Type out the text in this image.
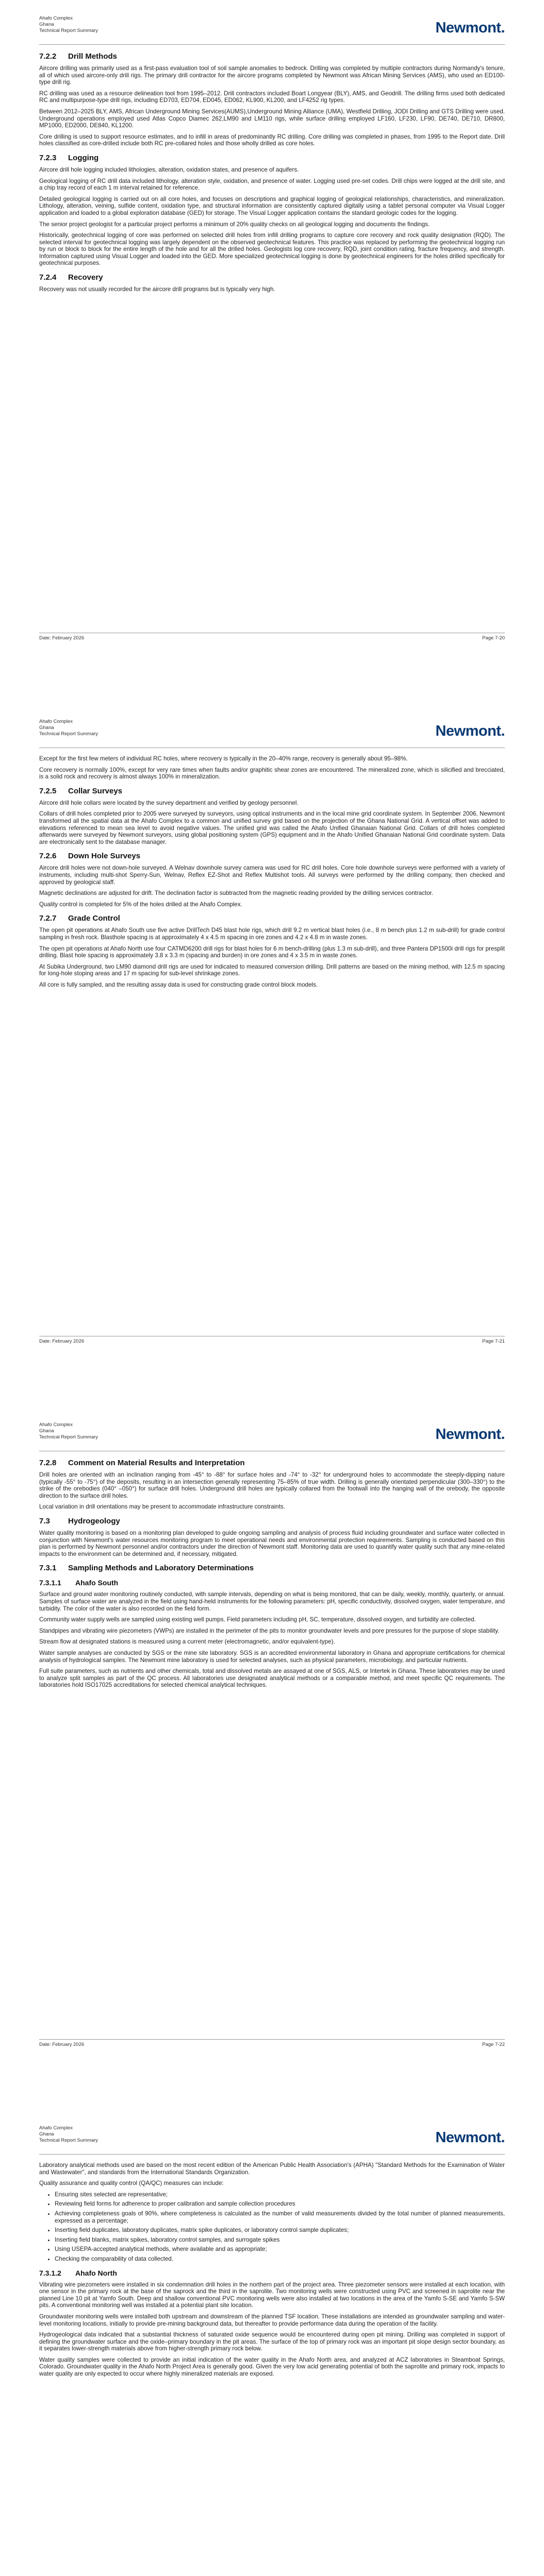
Ahafo Complex
Ghana
Technical Report Summary	Newmont.
7.2.2 Drill Methods

Aircore drilling was primarily used as a first-pass evaluation tool of soil sample anomalies to bedrock. Drilling was completed by multiple contractors during Normandy's tenure, all of which used aircore-only drill rigs. The primary drill contractor for the aircore programs completed by Newmont was African Mining Services (AMS), who used an ED100-type drill rig.

RC drilling was used as a resource delineation tool from 1995–2012. Drill contractors included Boart Longyear (BLY), AMS, and Geodrill. The drilling firms used both dedicated RC and multipurpose-type drill rigs, including ED703, ED704, ED045, ED062, KL900, KL200, and LF4252 rig types.

Between 2012–2025 BLY, AMS, African Underground Mining Services(AUMS),Underground Mining Alliance (UMA), Westfield Drilling, JODI Drilling and GTS Drilling were used. Underground operations employed used Atlas Copco Diamec 262,LM90 and LM110 rigs, while surface drilling employed LF160, LF230, LF90, DE740, DE710, DR800, MP1000, ED2000, DE840, KL1200.

Core drilling is used to support resource estimates, and to infill in areas of predominantly RC drilling. Core drilling was completed in phases, from 1995 to the Report date. Drill holes classified as core-drilled include both RC pre-collared holes and those wholly drilled as core holes.

7.2.3 Logging

Aircore drill hole logging included lithologies, alteration, oxidation states, and presence of aquifers.

Geological logging of RC drill data included lithology, alteration style, oxidation, and presence of water. Logging used pre-set codes. Drill chips were logged at the drill site, and a chip tray record of each 1 m interval retained for reference.

Detailed geological logging is carried out on all core holes, and focuses on descriptions and graphical logging of geological relationships, characteristics, and mineralization. Lithology, alteration, veining, sulfide content, oxidation type, and structural information are consistently captured digitally using a tablet personal computer via Visual Logger application and loaded to a global exploration database (GED) for storage. The Visual Logger application contains the standard geologic codes for the logging.

The senior project geologist for a particular project performs a minimum of 20% quality checks on all geological logging and documents the findings.

Historically, geotechnical logging of core was performed on selected drill holes from infill drilling programs to capture core recovery and rock quality designation (RQD). The selected interval for geotechnical logging was largely dependent on the observed geotechnical features. This practice was replaced by performing the geotechnical logging run by run or block to block for the entire length of the hole and for all the drilled holes. Geologists log core recovery, RQD, joint condition rating, fracture frequency, and strength. Information captured using Visual Logger and loaded into the GED. More specialized geotechnical logging is done by geotechnical engineers for the holes drilled specifically for geotechnical purposes.

7.2.4 Recovery

Recovery was not usually recorded for the aircore drill programs but is typically very high.

Date: February 2026	Page 7-20
Ahafo Complex
Ghana
Technical Report Summary	Newmont.

Except for the first few meters of individual RC holes, where recovery is typically in the 20–40% range, recovery is generally about 95–98%.

Core recovery is normally 100%, except for very rare times when faults and/or graphitic shear zones are encountered. The mineralized zone, which is silicified and brecciated, is a solid rock and recovery is almost always 100% in mineralization.

7.2.5 Collar Surveys

Aircore drill hole collars were located by the survey department and verified by geology personnel.

Collars of drill holes completed prior to 2005 were surveyed by surveyors, using optical instruments and in the local mine grid coordinate system. In September 2006, Newmont transformed all the spatial data at the Ahafo Complex to a common and unified survey grid based on the projection of the Ghana National Grid. A vertical offset was added to elevations referenced to mean sea level to avoid negative values. The unified grid was called the Ahafo Unified Ghanaian National Grid. Collars of drill holes completed afterwards were surveyed by Newmont surveyors, using global positioning system (GPS) equipment and in the Ahafo Unified Ghanaian National Grid coordinate system. Data are electronically sent to the database manager.

7.2.6 Down Hole Surveys

Aircore drill holes were not down-hole surveyed. A Welnav downhole survey camera was used for RC drill holes. Core hole downhole surveys were performed with a variety of instruments, including multi-shot Sperry-Sun, Welnav, Reflex EZ-Shot and Reflex Multishot tools. All surveys were performed by the drilling company, then checked and approved by geological staff.

Magnetic declinations are adjusted for drift. The declination factor is subtracted from the magnetic reading provided by the drilling services contractor.

Quality control is completed for 5% of the holes drilled at the Ahafo Complex.

7.2.7 Grade Control

The open pit operations at Ahafo South use five active DrillTech D45 blast hole rigs, which drill 9.2 m vertical blast holes (i.e., 8 m bench plus 1.2 m sub-drill) for grade control sampling in fresh rock. Blasthole spacing is at approximately 4 x 4.5 m spacing in ore zones and 4.2 x 4.8 m in waste zones.

The open pit operations at Ahafo North use four CATMD6200 drill rigs for blast holes for 6 m bench-drilling (plus 1.3 m sub-drill), and three Pantera DP1500i drill rigs for presplit drilling. Blast hole spacing is approximately 3.8 x 3.3 m (spacing and burden) in ore zones and 4 x 3.5 m in waste zones.

At Subika Underground, two LM90 diamond drill rigs are used for indicated to measured conversion drilling. Drill patterns are based on the mining method, with 12.5 m spacing for long-hole stoping areas and 17 m spacing for sub-level shrinkage zones.

All core is fully sampled, and the resulting assay data is used for constructing grade control block models.

Date: February 2026	Page 7-21
Ahafo Complex
Ghana
Technical Report Summary	Newmont.
7.2.8 Comment on Material Results and Interpretation

Drill holes are oriented with an inclination ranging from -45° to -88° for surface holes and -74° to -32° for underground holes to accommodate the steeply-dipping nature (typically -55° to -75°) of the deposits, resulting in an intersection generally representing 75–85% of true width. Drilling is generally orientated perpendicular (300–330°) to the strike of the orebodies (040° –050°) for surface drill holes. Underground drill holes are typically collared from the footwall into the hanging wall of the orebody, the opposite direction to the surface drill holes.

Local variation in drill orientations may be present to accommodate infrastructure constraints.

7.3 Hydrogeology

Water quality monitoring is based on a monitoring plan developed to guide ongoing sampling and analysis of process fluid including groundwater and surface water collected in conjunction with Newmont's water resources monitoring program to meet operational needs and environmental protection requirements. Sampling is conducted based on this plan is performed by Newmont personnel and/or contractors under the direction of Newmont staff. Monitoring data are used to quantify water quality such that any mine-related impacts to the environment can be determined and, if necessary, mitigated.

7.3.1 Sampling Methods and Laboratory Determinations
7.3.1.1 Ahafo South

Surface and ground water monitoring routinely conducted, with sample intervals, depending on what is being monitored, that can be daily, weekly, monthly, quarterly, or annual. Samples of surface water are analyzed in the field using hand-held instruments for the following parameters: pH, specific conductivity, dissolved oxygen, water temperature, and turbidity. The color of the water is also recorded on the field form.

Community water supply wells are sampled using existing well pumps. Field parameters including pH, SC, temperature, dissolved oxygen, and turbidity are collected.

Standpipes and vibrating wire piezometers (VWPs) are installed in the perimeter of the pits to monitor groundwater levels and pore pressures for the purpose of slope stability.

Stream flow at designated stations is measured using a current meter (electromagnetic, and/or equivalent-type).

Water sample analyses are conducted by SGS or the mine site laboratory. SGS is an accredited environmental laboratory in Ghana and appropriate certifications for chemical analysis of hydrological samples. The Newmont mine laboratory is used for selected analyses, such as physical parameters, microbiology, and particular nutrients.

Full suite parameters, such as nutrients and other chemicals, total and dissolved metals are assayed at one of SGS, ALS, or Intertek in Ghana. These laboratories may be used to analyze split samples as part of the QC process. All laboratories use designated analytical methods or a comparable method, and meet specific QC requirements. The laboratories hold ISO17025 accreditations for selected chemical analytical techniques.

Date: February 2026	Page 7-22
Ahafo Complex
Ghana
Technical Report Summary	Newmont.

Laboratory analytical methods used are based on the most recent edition of the American Public Health Association's (APHA) "Standard Methods for the Examination of Water and Wastewater", and standards from the International Standards Organization.

Quality assurance and quality control (QA/QC) measures can include:

• Ensuring sites selected are representative;
• Reviewing field forms for adherence to proper calibration and sample collection procedures
• Achieving completeness goals of 90%, where completeness is calculated as the number of valid measurements divided by the total number of planned measurements, expressed as a percentage;
• Inserting field duplicates, laboratory duplicates, matrix spike duplicates, or laboratory control sample duplicates;
• Inserting field blanks, matrix spikes, laboratory control samples, and surrogate spikes
• Using USEPA-accepted analytical methods, where available and as appropriate;
• Checking the comparability of data collected.
7.3.1.2 Ahafo North

Vibrating wire piezometers were installed in six condemnation drill holes in the northern part of the project area. Three piezometer sensors were installed at each location, with one sensor in the primary rock at the base of the saprock and the third in the saprolite. Two monitoring wells were constructed using PVC and screened in saprolite near the planned Line 10 pit at Yamfo South. Deep and shallow conventional PVC monitoring wells were also installed at two locations in the area of the Yamfo S-SE and Yamfo S-SW pits. A conventional monitoring well was installed at a potential plant site location.

Groundwater monitoring wells were installed both upstream and downstream of the planned TSF location. These installations are intended as groundwater sampling and water-level monitoring locations, initially to provide pre-mining background data, but thereafter to provide performance data during the operation of the facility.

Hydrogeological data indicated that a substantial thickness of saturated oxide sequence would be encountered during open pit mining. Drilling was completed in support of defining the groundwater surface and the oxide–primary boundary in the pit areas. The surface of the top of primary rock was an important pit slope design sector boundary, as it separates lower-strength materials above from higher-strength primary rock below.

Water quality samples were collected to provide an initial indication of the water quality in the Ahafo North area, and analyzed at ACZ laboratories in Steamboat Springs, Colorado. Groundwater quality in the Ahafo North Project Area is generally good. Given the very low acid generating potential of both the saprolite and primary rock, impacts to water quality are only expected to occur where highly mineralized materials are exposed.
